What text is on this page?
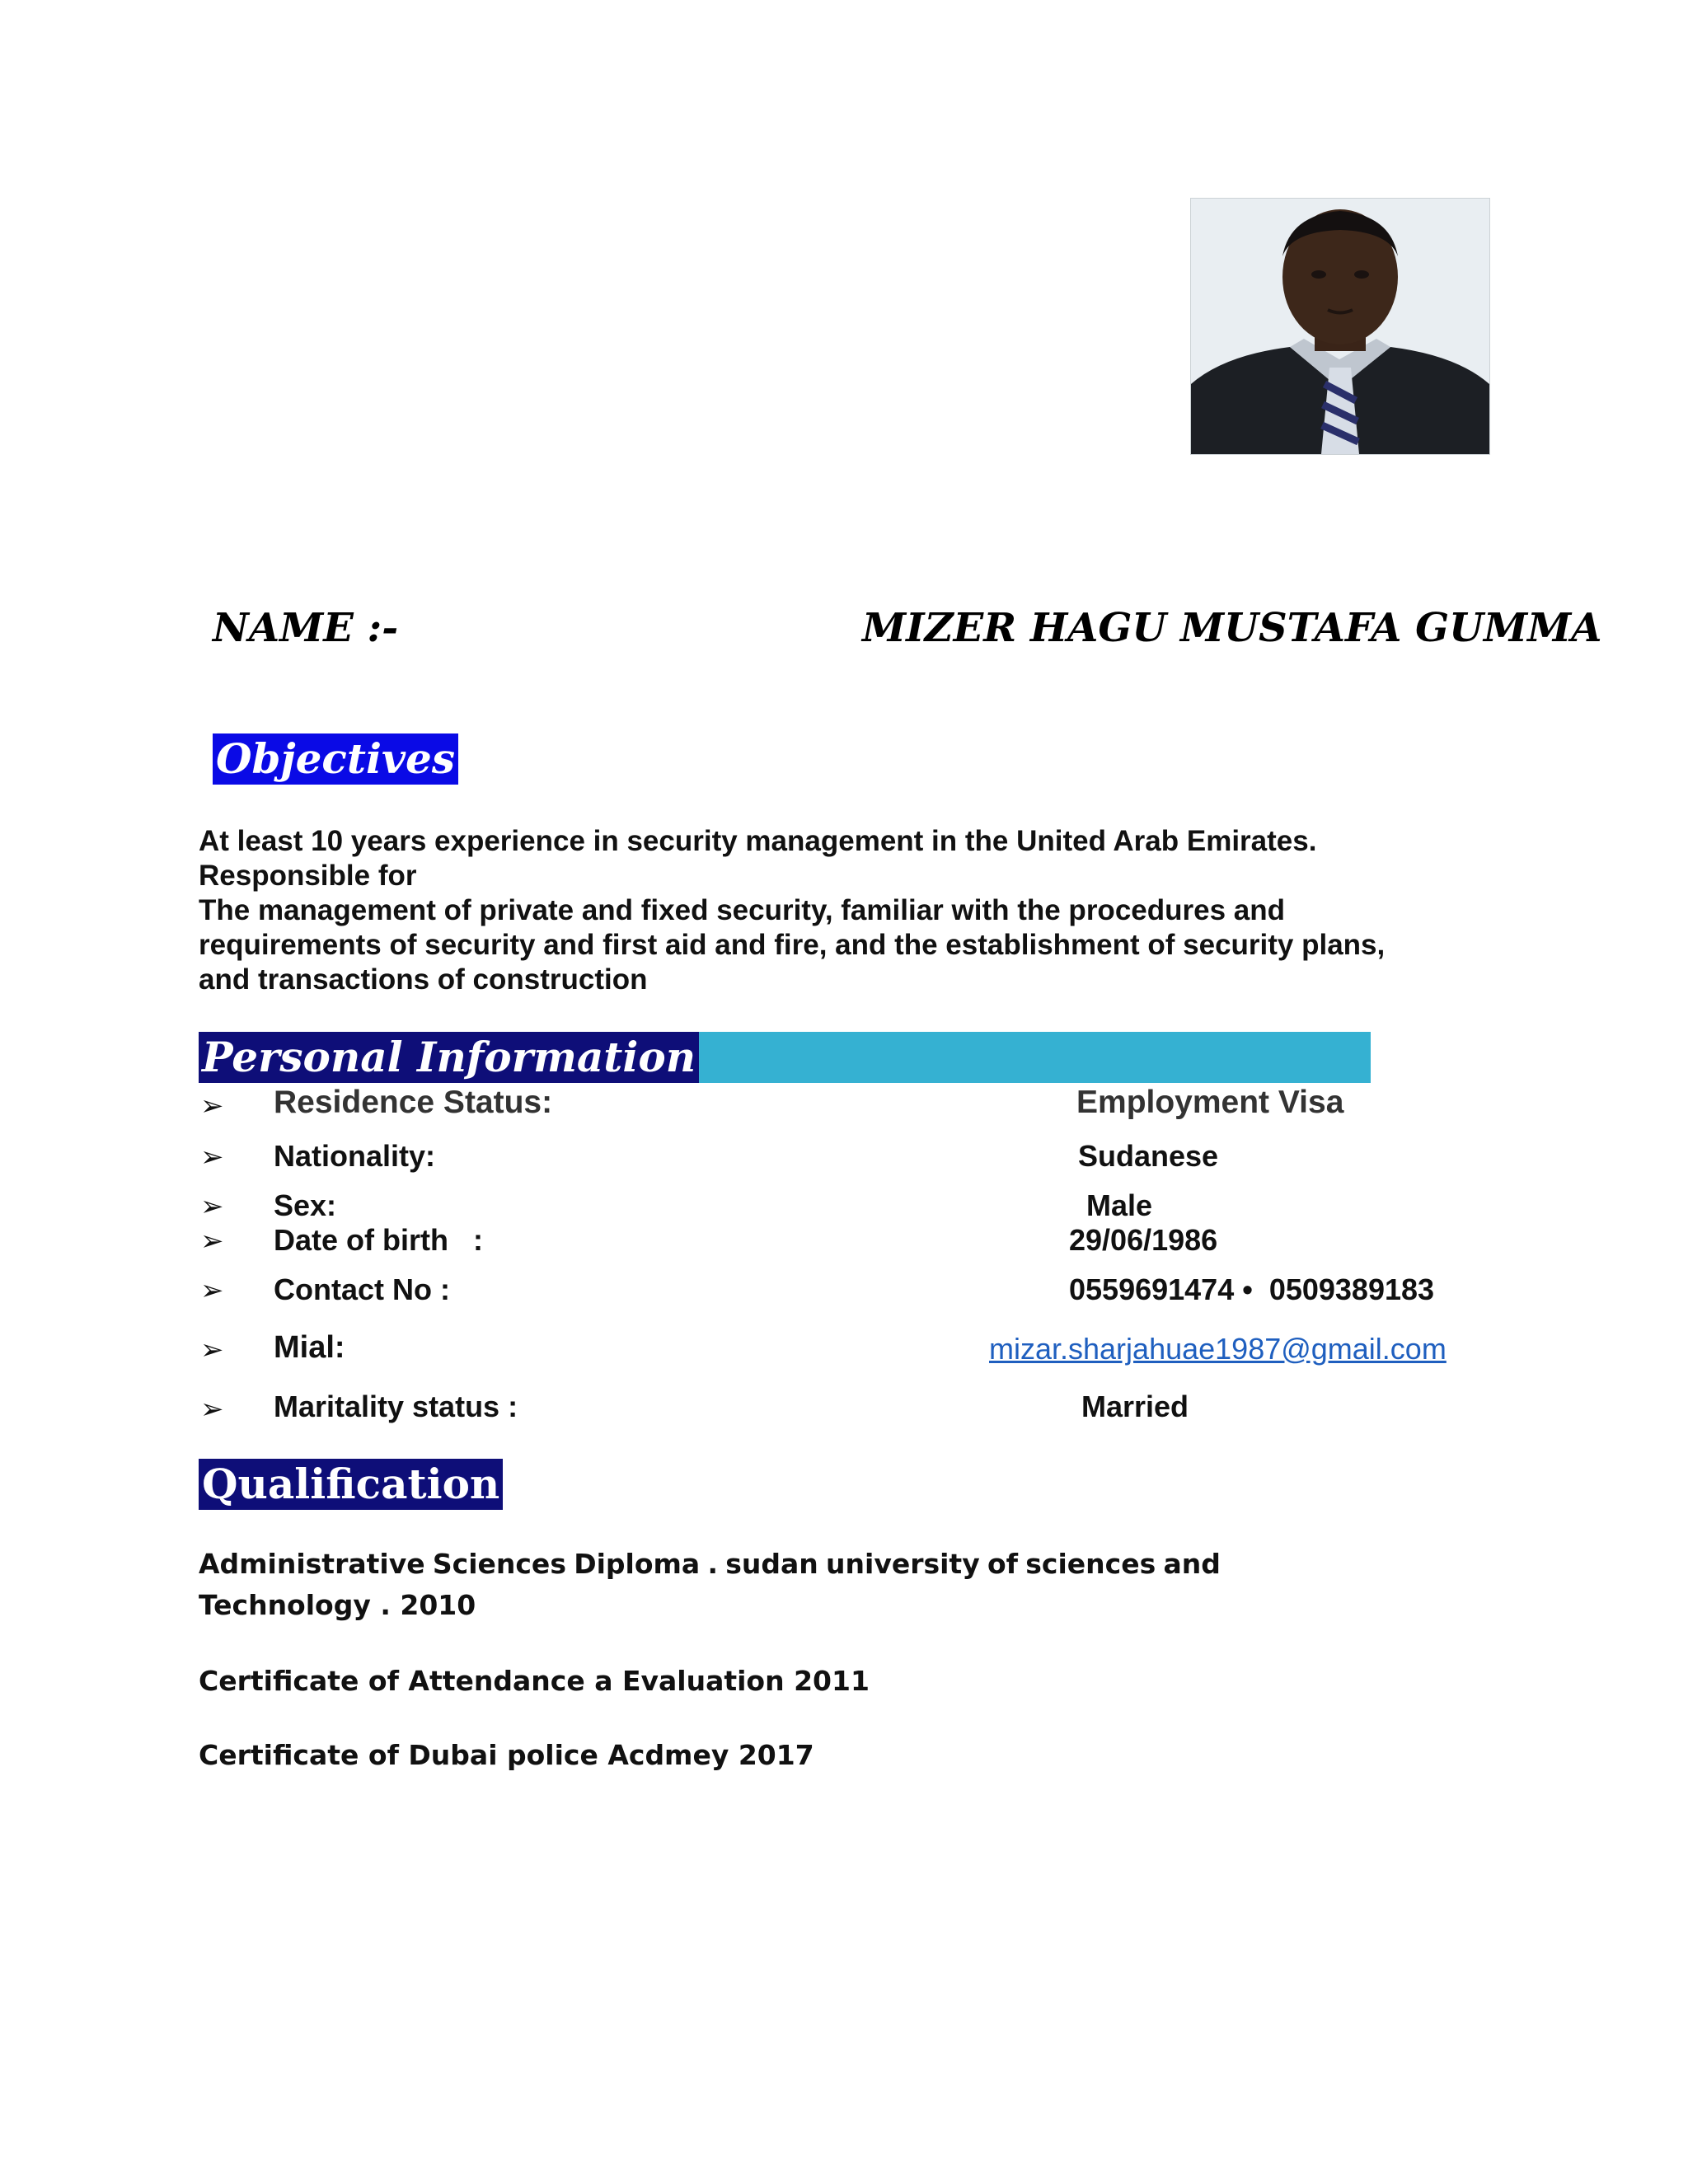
NAME :-	MIZER HAGU MUSTAFA GUMMA
Objectives
At least 10 years experience in security management in the United Arab Emirates.
Responsible for
The management of private and fixed security, familiar with the procedures and
requirements of security and first aid and fire, and the establishment of security plans,
and transactions of construction
Personal Information
➢ Residence Status:	Employment Visa
➢ Nationality:	Sudanese
➢ Sex:	Male
➢ Date of birth   :	29/06/1986
➢ Contact No :	0559691474 •  0509389183
➢ Mial:	mizar.sharjahuae1987@gmail.com
➢ Maritality status :	Married
Qualification
Administrative Sciences Diploma . sudan university of sciences and
Technology . 2010
Certificate of Attendance a Evaluation 2011
Certificate of Dubai police Acdmey 2017
